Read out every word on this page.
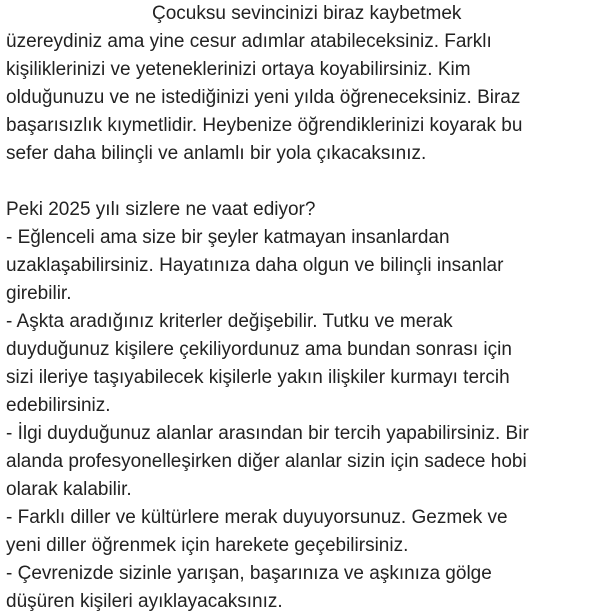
Çocuksu sevincinizi biraz kaybetmek
üzereydiniz ama yine cesur adımlar atabileceksiniz. Farklı
kişiliklerinizi ve yeteneklerinizi ortaya koyabilirsiniz. Kim
olduğunuzu ve ne istediğinizi yeni yılda öğreneceksiniz. Biraz
başarısızlık kıymetlidir. Heybenize öğrendiklerinizi koyarak bu
sefer daha bilinçli ve anlamlı bir yola çıkacaksınız.
Peki 2025 yılı sizlere ne vaat ediyor?
- Eğlenceli ama size bir şeyler katmayan insanlardan
uzaklaşabilirsiniz. Hayatınıza daha olgun ve bilinçli insanlar
girebilir.
- Aşkta aradığınız kriterler değişebilir. Tutku ve merak
duyduğunuz kişilere çekiliyordunuz ama bundan sonrası için
sizi ileriye taşıyabilecek kişilerle yakın ilişkiler kurmayı tercih
edebilirsiniz.
- İlgi duyduğunuz alanlar arasından bir tercih yapabilirsiniz. Bir
alanda profesyonelleşirken diğer alanlar sizin için sadece hobi
olarak kalabilir.
- Farklı diller ve kültürlere merak duyuyorsunuz. Gezmek ve
yeni diller öğrenmek için harekete geçebilirsiniz.
- Çevrenizde sizinle yarışan, başarınıza ve aşkınıza gölge
düşüren kişileri ayıklayacaksınız.
